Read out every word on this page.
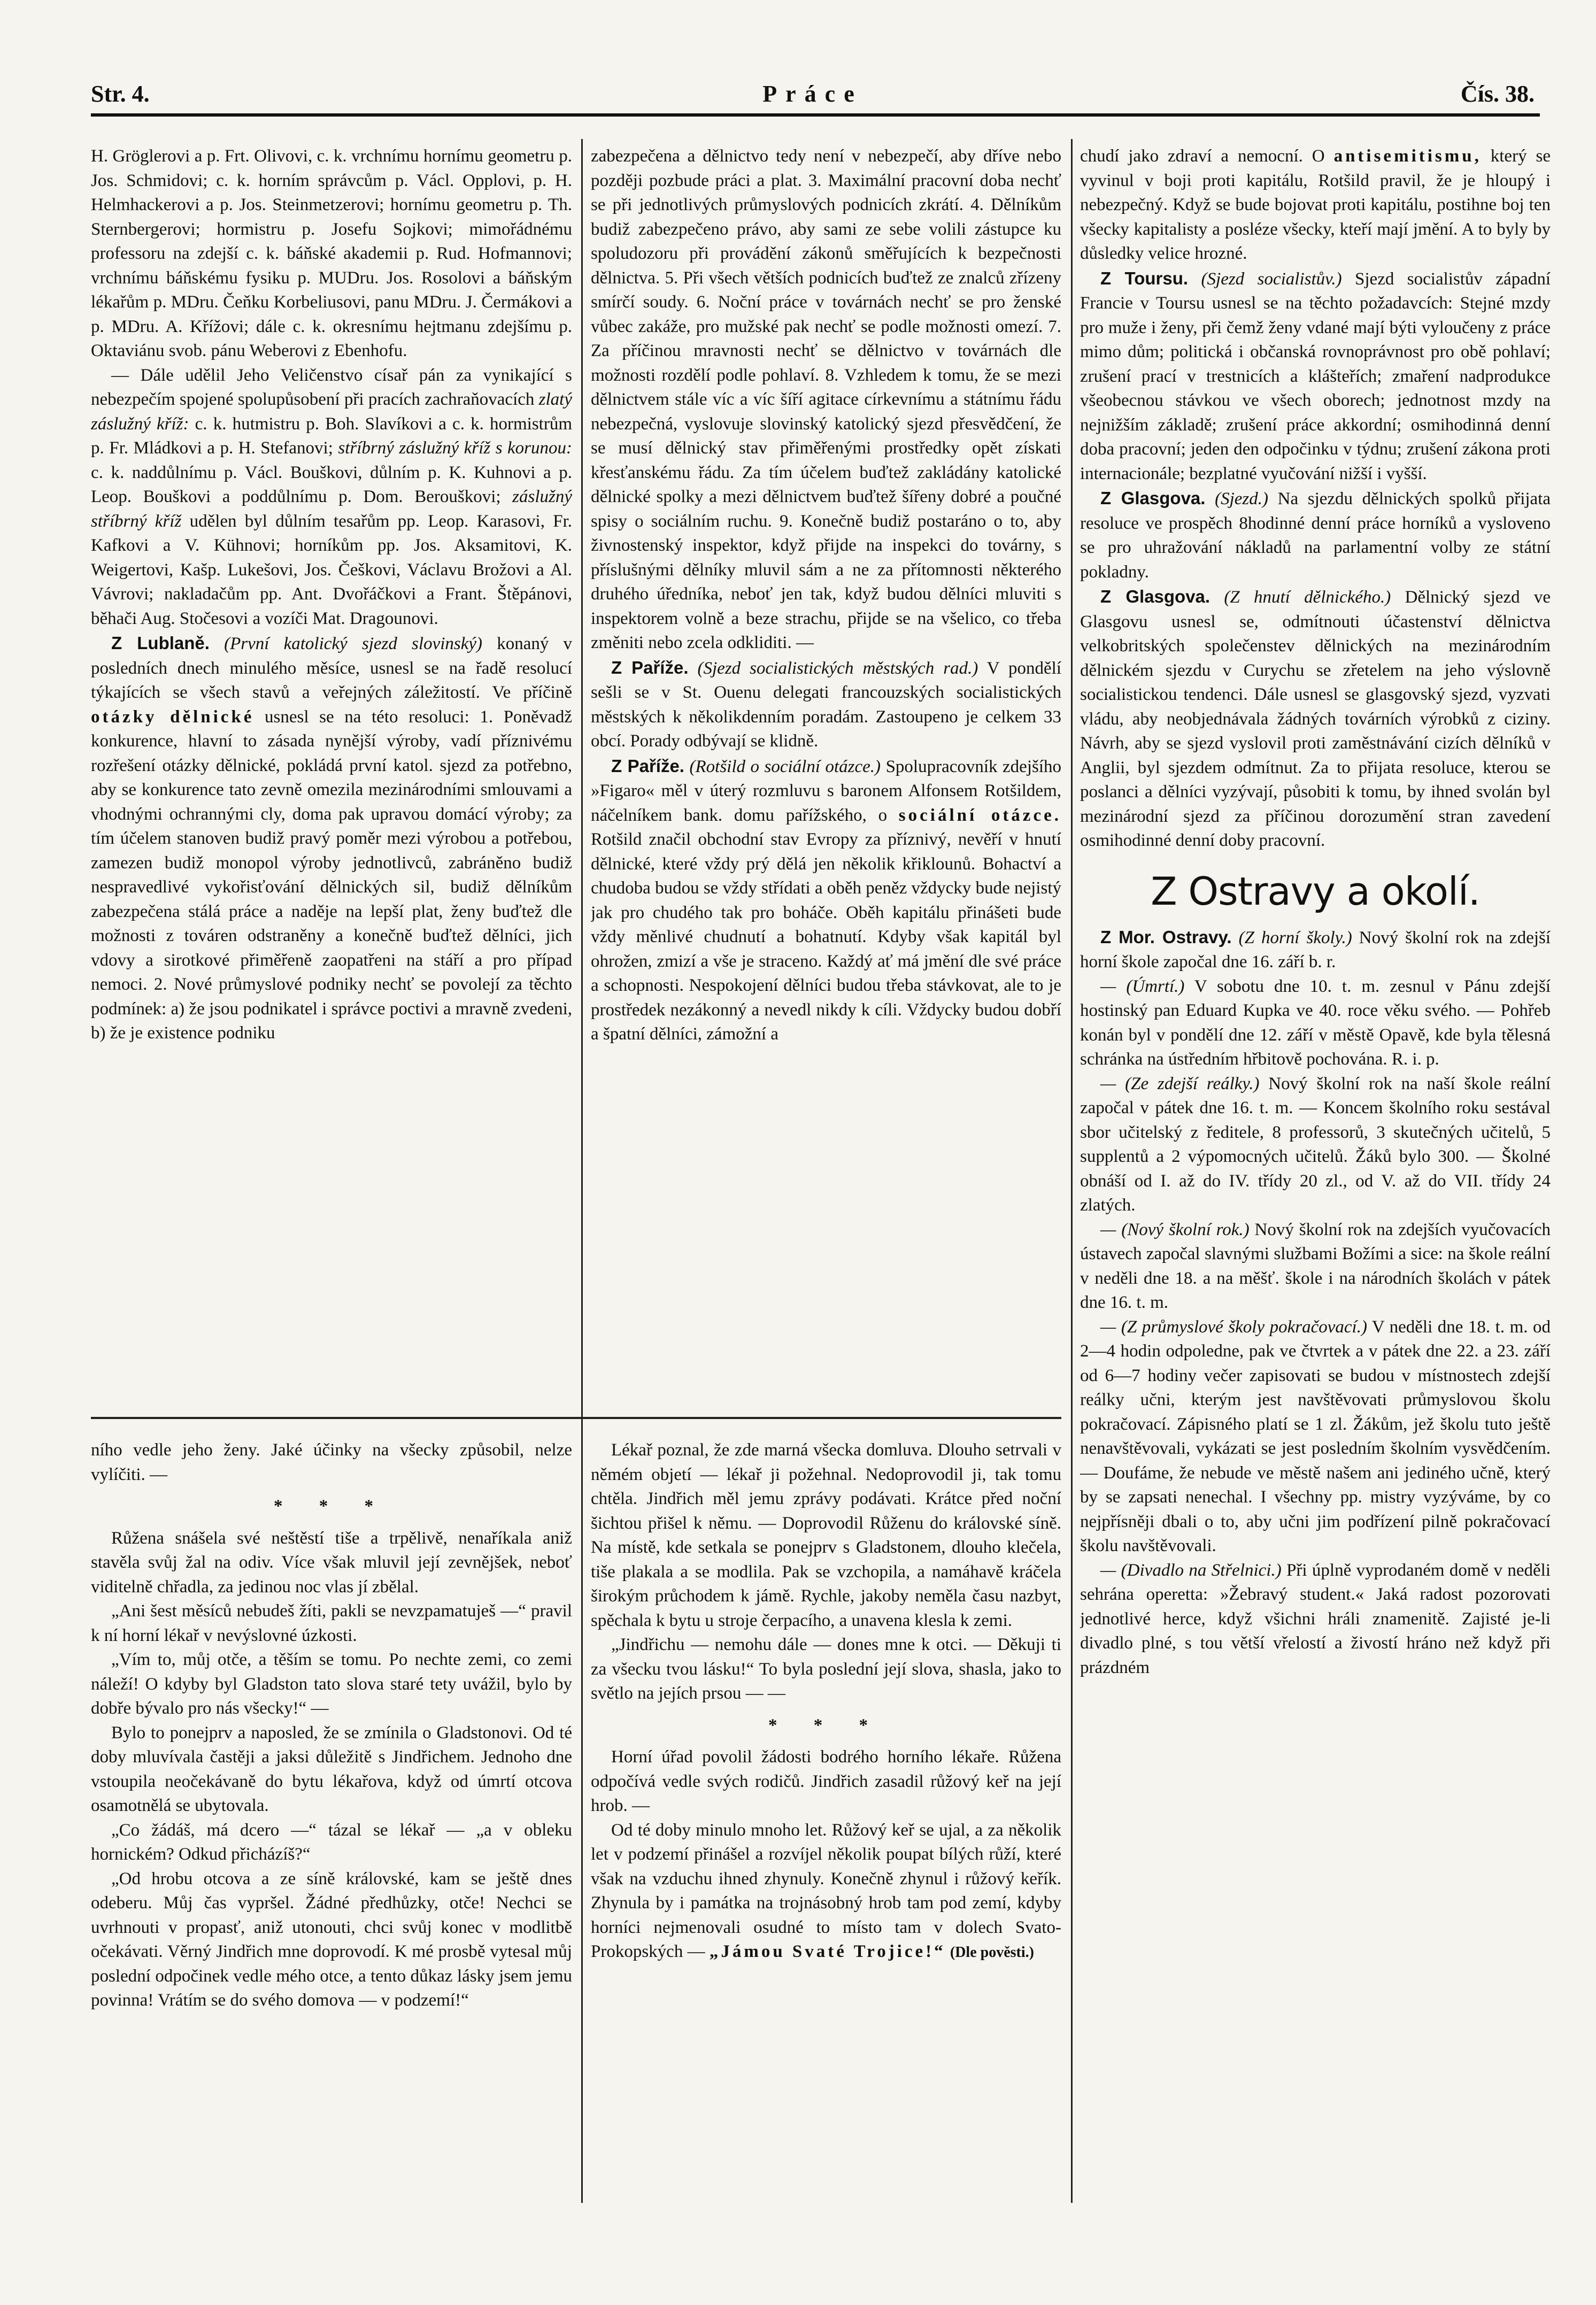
Str. 4.	Práce	Čís. 38.

H. Gröglerovi a p. Frt. Olivovi, c. k. vrchnímu hornímu geometru p. Jos. Schmidovi; c. k. horním správcům p. Václ. Opplovi, p. H. Helmhackerovi a p. Jos. Steinmetzerovi; hornímu geometru p. Th. Sternbergerovi; hormistru p. Josefu Sojkovi; mimořádnému professoru na zdejší c. k. báňské akademii p. Rud. Hofmannovi; vrchnímu báňskému fysiku p. MUDru. Jos. Rosolovi a báňským lékařům p. MDru. Čeňku Korbeliusovi, panu MDru. J. Čermákovi a p. MDru. A. Křížovi; dále c. k. okresnímu hejtmanu zdejšímu p. Oktaviánu svob. pánu Weberovi z Ebenhofu.

— Dále udělil Jeho Veličenstvo císař pán za vynikající s nebezpečím spojené spolupůsobení při pracích zachraňovacích zlatý záslužný kříž: c. k. hutmistru p. Boh. Slavíkovi a c. k. hormistrům p. Fr. Mládkovi a p. H. Stefanovi; stříbrný záslužný kříž s korunou: c. k. naddůlnímu p. Václ. Bouškovi, důlním p. K. Kuhnovi a p. Leop. Bouškovi a poddůlnímu p. Dom. Berouškovi; záslužný stříbrný kříž udělen byl důlním tesařům pp. Leop. Karasovi, Fr. Kafkovi a V. Kühnovi; horníkům pp. Jos. Aksamitovi, K. Weigertovi, Kašp. Lukešovi, Jos. Češkovi, Václavu Brožovi a Al. Vávrovi; nakladačům pp. Ant. Dvořáčkovi a Frant. Štěpánovi, běhači Aug. Stočesovi a vozíči Mat. Dragounovi.

Z Lublaně. (První katolický sjezd slovinský) konaný v posledních dnech minulého měsíce, usnesl se na řadě resolucí týkajících se všech stavů a veřejných záležitostí. Ve příčině otázky dělnické usnesl se na této resoluci: 1. Poněvadž konkurence, hlavní to zásada nynější výroby, vadí příznivému rozřešení otázky dělnické, pokládá první katol. sjezd za potřebno, aby se konkurence tato zevně omezila mezinárodními smlouvami a vhodnými ochrannými cly, doma pak upravou domácí výroby; za tím účelem stanoven budiž pravý poměr mezi výrobou a potřebou, zamezen budiž monopol výroby jednotlivců, zabráněno budiž nespravedlivé vykořisťování dělnických sil, budiž dělníkům zabezpečena stálá práce a naděje na lepší plat, ženy buďtež dle možnosti z továren odstraněny a konečně buďtež dělníci, jich vdovy a sirotkové přiměřeně zaopatřeni na stáří a pro případ nemoci. 2. Nové průmyslové podniky nechť se povolejí za těchto podmínek: a) že jsou podnikatel i správce poctivi a mravně zvedeni, b) že je existence podniku

zabezpečena a dělnictvo tedy není v nebezpečí, aby dříve nebo později pozbude práci a plat. 3. Maximální pracovní doba nechť se při jednotlivých průmyslových podnicích zkrátí. 4. Dělníkům budiž zabezpečeno právo, aby sami ze sebe volili zástupce ku spoludozoru při provádění zákonů směřujících k bezpečnosti dělnictva. 5. Při všech větších podnicích buďtež ze znalců zřízeny smírčí soudy. 6. Noční práce v továrnách nechť se pro ženské vůbec zakáže, pro mužské pak nechť se podle možnosti omezí. 7. Za příčinou mravnosti nechť se dělnictvo v továrnách dle možnosti rozdělí podle pohlaví. 8. Vzhledem k tomu, že se mezi dělnictvem stále víc a víc šíří agitace církevnímu a státnímu řádu nebezpečná, vyslovuje slovinský katolický sjezd přesvědčení, že se musí dělnický stav přiměřenými prostředky opět získati křesťanskému řádu. Za tím účelem buďtež zakládány katolické dělnické spolky a mezi dělnictvem buďtež šířeny dobré a poučné spisy o sociálním ruchu. 9. Konečně budiž postaráno o to, aby živnostenský inspektor, když přijde na inspekci do továrny, s příslušnými dělníky mluvil sám a ne za přítomnosti některého druhého úředníka, neboť jen tak, když budou dělníci mluviti s inspektorem volně a beze strachu, přijde se na všelico, co třeba změniti nebo zcela odkliditi. —

Z Paříže. (Sjezd socialistických městských rad.) V pondělí sešli se v St. Ouenu delegati francouzských socialistických městských k několikdenním poradám. Zastoupeno je celkem 33 obcí. Porady odbývají se klidně.

Z Paříže. (Rotšild o sociální otázce.) Spolupracovník zdejšího »Figaro« měl v úterý rozmluvu s baronem Alfonsem Rotšildem, náčelníkem bank. domu pařížského, o sociální otázce. Rotšild značil obchodní stav Evropy za příznivý, nevěří v hnutí dělnické, které vždy prý dělá jen několik křiklounů. Bohactví a chudoba budou se vždy střídati a oběh peněz vždycky bude nejistý jak pro chudého tak pro boháče. Oběh kapitálu přinášeti bude vždy měnlivé chudnutí a bohatnutí. Kdyby však kapitál byl ohrožen, zmizí a vše je straceno. Každý ať má jmění dle své práce a schopnosti. Nespokojení dělníci budou třeba stávkovat, ale to je prostředek nezákonný a nevedl nikdy k cíli. Vždycky budou dobří a špatní dělníci, zámožní a

chudí jako zdraví a nemocní. O antisemitismu, který se vyvinul v boji proti kapitálu, Rotšild pravil, že je hloupý i nebezpečný. Když se bude bojovat proti kapitálu, postihne boj ten všecky kapitalisty a posléze všecky, kteří mají jmění. A to byly by důsledky velice hrozné.

Z Toursu. (Sjezd socialistův.) Sjezd socialistův západní Francie v Toursu usnesl se na těchto požadavcích: Stejné mzdy pro muže i ženy, při čemž ženy vdané mají býti vyloučeny z práce mimo dům; politická i občanská rovnoprávnost pro obě pohlaví; zrušení prací v trestnicích a klášteřích; zmaření nadprodukce všeobecnou stávkou ve všech oborech; jednotnost mzdy na nejnižším základě; zrušení práce akkordní; osmihodinná denní doba pracovní; jeden den odpočinku v týdnu; zrušení zákona proti internacionále; bezplatné vyučování nižší i vyšší.

Z Glasgova. (Sjezd.) Na sjezdu dělnických spolků přijata resoluce ve prospěch 8hodinné denní práce horníků a vysloveno se pro uhražování nákladů na parlamentní volby ze státní pokladny.

Z Glasgova. (Z hnutí dělnického.) Dělnický sjezd ve Glasgovu usnesl se, odmítnouti účastenství dělnictva velkobritských společenstev dělnických na mezinárodním dělnickém sjezdu v Curychu se zřetelem na jeho výslovně socialistickou tendenci. Dále usnesl se glasgovský sjezd, vyzvati vládu, aby neobjednávala žádných továrních výrobků z ciziny. Návrh, aby se sjezd vyslovil proti zaměstnávání cizích dělníků v Anglii, byl sjezdem odmítnut. Za to přijata resoluce, kterou se poslanci a dělníci vyzývají, působiti k tomu, by ihned svolán byl mezinárodní sjezd za příčinou dorozumění stran zavedení osmihodinné denní doby pracovní.

Z Ostravy a okolí.

Z Mor. Ostravy. (Z horní školy.) Nový školní rok na zdejší horní škole započal dne 16. září b. r.

— (Úmrtí.) V sobotu dne 10. t. m. zesnul v Pánu zdejší hostinský pan Eduard Kupka ve 40. roce věku svého. — Pohřeb konán byl v pondělí dne 12. září v městě Opavě, kde byla tělesná schránka na ústředním hřbitově pochována. R. i. p.

— (Ze zdejší reálky.) Nový školní rok na naší škole reální započal v pátek dne 16. t. m. — Koncem školního roku sestával sbor učitelský z ředitele, 8 professorů, 3 skutečných učitelů, 5 supplentů a 2 výpomocných učitelů. Žáků bylo 300. — Školné obnáší od I. až do IV. třídy 20 zl., od V. až do VII. třídy 24 zlatých.

— (Nový školní rok.) Nový školní rok na zdejších vyučovacích ústavech započal slavnými službami Božími a sice: na škole reální v neděli dne 18. a na měšť. škole i na národních školách v pátek dne 16. t. m.

— (Z průmyslové školy pokračovací.) V neděli dne 18. t. m. od 2—4 hodin odpoledne, pak ve čtvrtek a v pátek dne 22. a 23. září od 6—7 hodiny večer zapisovati se budou v místnostech zdejší reálky učni, kterým jest navštěvovati průmyslovou školu pokračovací. Zápisného platí se 1 zl. Žákům, jež školu tuto ještě nenavštěvovali, vykázati se jest posledním školním vysvědčením. — Doufáme, že nebude ve městě našem ani jediného učně, který by se zapsati nenechal. I všechny pp. mistry vyzýváme, by co nejpřísněji dbali o to, aby učni jim podřízení pilně pokračovací školu navštěvovali.

— (Divadlo na Střelnici.) Při úplně vyprodaném domě v neděli sehrána operetta: »Žebravý student.« Jaká radost pozorovati jednotlivé herce, když všichni hráli znamenitě. Zajisté je-li divadlo plné, s tou větší vřelostí a živostí hráno než když při prázdném

ního vedle jeho ženy. Jaké účinky na všecky způsobil, nelze vylíčiti. —

* * *

Růžena snášela své neštěstí tiše a trpělivě, nenaříkala aniž stavěla svůj žal na odiv. Více však mluvil její zevnějšek, neboť viditelně chřadla, za jedinou noc vlas jí zbělal.

„Ani šest měsíců nebudeš žíti, pakli se nevzpamatuješ —“ pravil k ní horní lékař v nevýslovné úzkosti.

„Vím to, můj otče, a těším se tomu. Po nechte zemi, co zemi náleží! O kdyby byl Gladston tato slova staré tety uvážil, bylo by dobře bývalo pro nás všecky!“ —

Bylo to ponejprv a naposled, že se zmínila o Gladstonovi. Od té doby mluvívala častěji a jaksi důležitě s Jindřichem. Jednoho dne vstoupila neočekávaně do bytu lékařova, když od úmrtí otcova osamotnělá se ubytovala.

„Co žádáš, má dcero —“ tázal se lékař — „a v obleku hornickém? Odkud přicházíš?“

„Od hrobu otcova a ze síně královské, kam se ještě dnes odeberu. Můj čas vypršel. Žádné předhůzky, otče! Nechci se uvrhnouti v propasť, aniž utonouti, chci svůj konec v modlitbě očekávati. Věrný Jindřich mne doprovodí. K mé prosbě vytesal můj poslední odpočinek vedle mého otce, a tento důkaz lásky jsem jemu povinna! Vrátím se do svého domova — v podzemí!“

Lékař poznal, že zde marná všecka domluva. Dlouho setrvali v němém objetí — lékař ji požehnal. Nedoprovodil ji, tak tomu chtěla. Jindřich měl jemu zprávy podávati. Krátce před noční šichtou přišel k němu. — Doprovodil Růženu do královské síně. Na místě, kde setkala se ponejprv s Gladstonem, dlouho klečela, tiše plakala a se modlila. Pak se vzchopila, a namáhavě kráčela širokým průchodem k jámě. Rychle, jakoby neměla času nazbyt, spěchala k bytu u stroje čerpacího, a unavena klesla k zemi.

„Jindřichu — nemohu dále — dones mne k otci. — Děkuji ti za všecku tvou lásku!“ To byla poslední její slova, shasla, jako to světlo na jejích prsou — —

* * *

Horní úřad povolil žádosti bodrého horního lékaře. Růžena odpočívá vedle svých rodičů. Jindřich zasadil růžový keř na její hrob. —

Od té doby minulo mnoho let. Růžový keř se ujal, a za několik let v podzemí přinášel a rozvíjel několik poupat bílých růží, které však na vzduchu ihned zhynuly. Konečně zhynul i růžový keřík. Zhynula by i památka na trojnásobný hrob tam pod zemí, kdyby horníci nejmenovali osudné to místo tam v dolech Svato-Prokopských — „Jámou Svaté Trojice!“ (Dle pověsti.)
